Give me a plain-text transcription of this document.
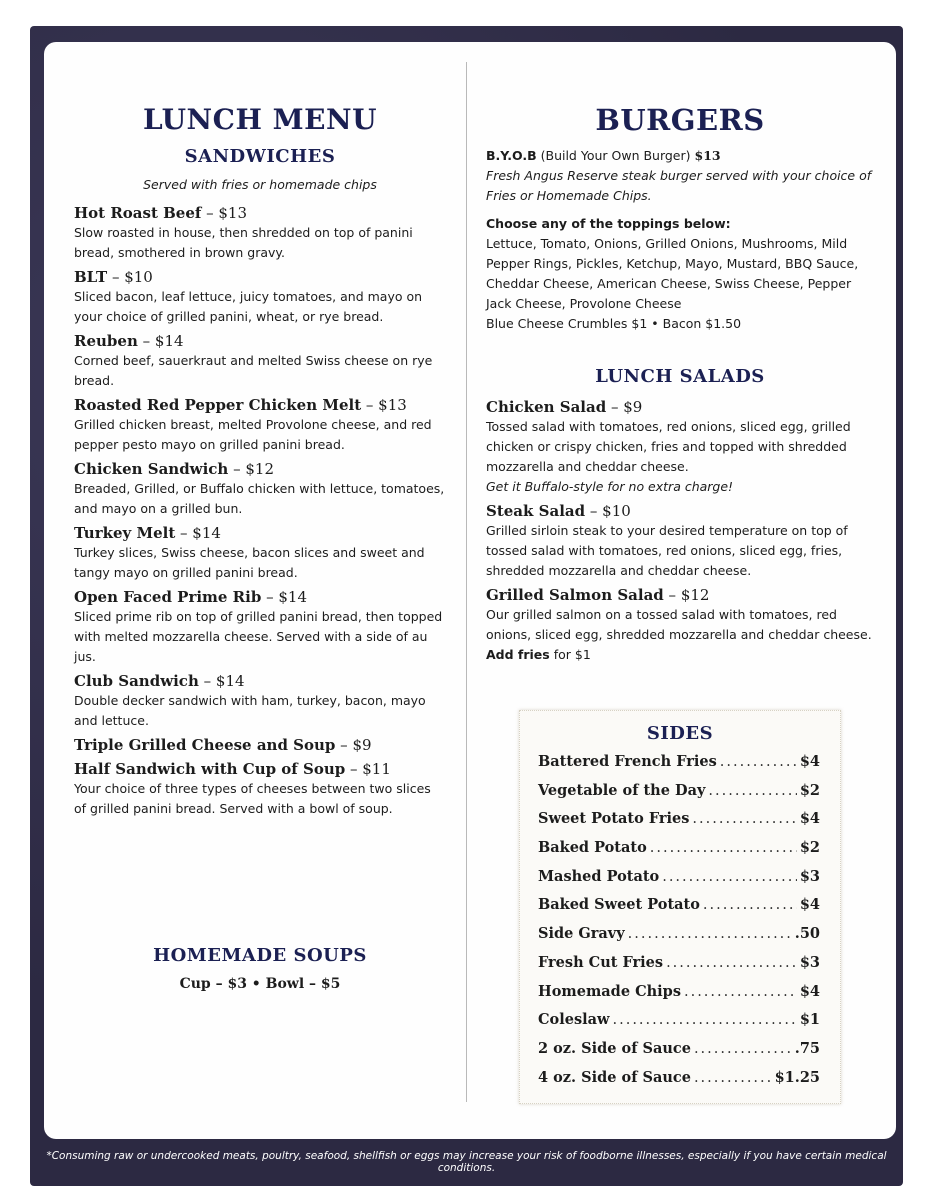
LUNCH MENU
SANDWICHES

Served with fries or homemade chips

Hot Roast Beef – $13
Slow roasted in house, then shredded on top of panini bread, smothered in brown gravy.
BLT – $10
Sliced bacon, leaf lettuce, juicy tomatoes, and mayo on your choice of grilled panini, wheat, or rye bread.
Reuben – $14
Corned beef, sauerkraut and melted Swiss cheese on rye bread.
Roasted Red Pepper Chicken Melt – $13
Grilled chicken breast, melted Provolone cheese, and red pepper pesto mayo on grilled panini bread.
Chicken Sandwich – $12
Breaded, Grilled, or Buffalo chicken with lettuce, tomatoes, and mayo on a grilled bun.
Turkey Melt – $14
Turkey slices, Swiss cheese, bacon slices and sweet and tangy mayo on grilled panini bread.
Open Faced Prime Rib – $14
Sliced prime rib on top of grilled panini bread, then topped with melted mozzarella cheese. Served with a side of au jus.
Club Sandwich – $14
Double decker sandwich with ham, turkey, bacon, mayo and lettuce.
Triple Grilled Cheese and Soup – $9
Half Sandwich with Cup of Soup – $11
Your choice of three types of cheeses between two slices of grilled panini bread. Served with a bowl of soup.
HOMEMADE SOUPS

Cup – $3 • Bowl – $5

BURGERS
B.Y.O.B (Build Your Own Burger) $13
Fresh Angus Reserve steak burger served with your choice of Fries or Homemade Chips.
Choose any of the toppings below:
Lettuce, Tomato, Onions, Grilled Onions, Mushrooms, Mild Pepper Rings, Pickles, Ketchup, Mayo, Mustard, BBQ Sauce, Cheddar Cheese, American Cheese, Swiss Cheese, Pepper Jack Cheese, Provolone Cheese
Blue Cheese Crumbles $1 • Bacon $1.50
LUNCH SALADS
Chicken Salad – $9
Tossed salad with tomatoes, red onions, sliced egg, grilled chicken or crispy chicken, fries and topped with shredded mozzarella and cheddar cheese.
Get it Buffalo-style for no extra charge!
Steak Salad – $10
Grilled sirloin steak to your desired temperature on top of tossed salad with tomatoes, red onions, sliced egg, fries, shredded mozzarella and cheddar cheese.
Grilled Salmon Salad – $12
Our grilled salmon on a tossed salad with tomatoes, red onions, sliced egg, shredded mozzarella and cheddar cheese.
Add fries for $1
SIDES
Battered French Fries .....	$4
Vegetable of the Day .....	$2
Sweet Potato Fries .....	$4
Baked Potato .....	$2
Mashed Potato .....	$3
Baked Sweet Potato .....	$4
Side Gravy .....	.50
Fresh Cut Fries .....	$3
Homemade Chips .....	$4
Coleslaw .....	$1
2 oz. Side of Sauce .....	.75
4 oz. Side of Sauce .....	$1.25

*Consuming raw or undercooked meats, poultry, seafood, shellfish or eggs may increase your risk of foodborne illnesses, especially if you have certain medical conditions.
